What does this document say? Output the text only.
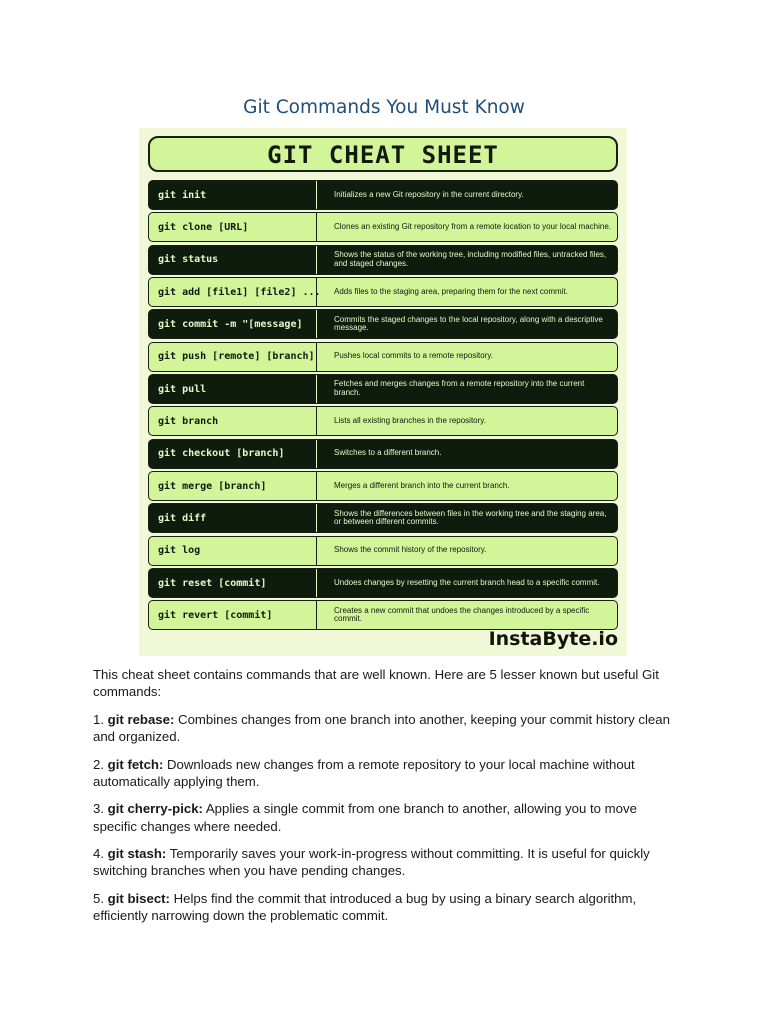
Git Commands You Must Know
GIT CHEAT SHEET
git init	Initializes a new Git repository in the current directory.
git clone [URL]	Clones an existing Git repository from a remote location to your local machine.
git status	Shows the status of the working tree, including modified files, untracked files, and staged changes.
git add [file1] [file2] ...	Adds files to the staging area, preparing them for the next commit.
git commit -m "[message]	Commits the staged changes to the local repository, along with a descriptive message.
git push [remote] [branch]	Pushes local commits to a remote repository.
git pull	Fetches and merges changes from a remote repository into the current branch.
git branch	Lists all existing branches in the repository.
git checkout [branch]	Switches to a different branch.
git merge [branch]	Merges a different branch into the current branch.
git diff	Shows the differences between files in the working tree and the staging area, or between different commits.
git log	Shows the commit history of the repository.
git reset [commit]	Undoes changes by resetting the current branch head to a specific commit.
git revert [commit]	Creates a new commit that undoes the changes introduced by a specific commit.
InstaByte.io

This cheat sheet contains commands that are well known. Here are 5 lesser known but useful Git commands:

1. git rebase: Combines changes from one branch into another, keeping your commit history clean and organized.

2. git fetch: Downloads new changes from a remote repository to your local machine without automatically applying them.

3. git cherry-pick: Applies a single commit from one branch to another, allowing you to move specific changes where needed.

4. git stash: Temporarily saves your work-in-progress without committing. It is useful for quickly switching branches when you have pending changes.

5. git bisect: Helps find the commit that introduced a bug by using a binary search algorithm, efficiently narrowing down the problematic commit.
